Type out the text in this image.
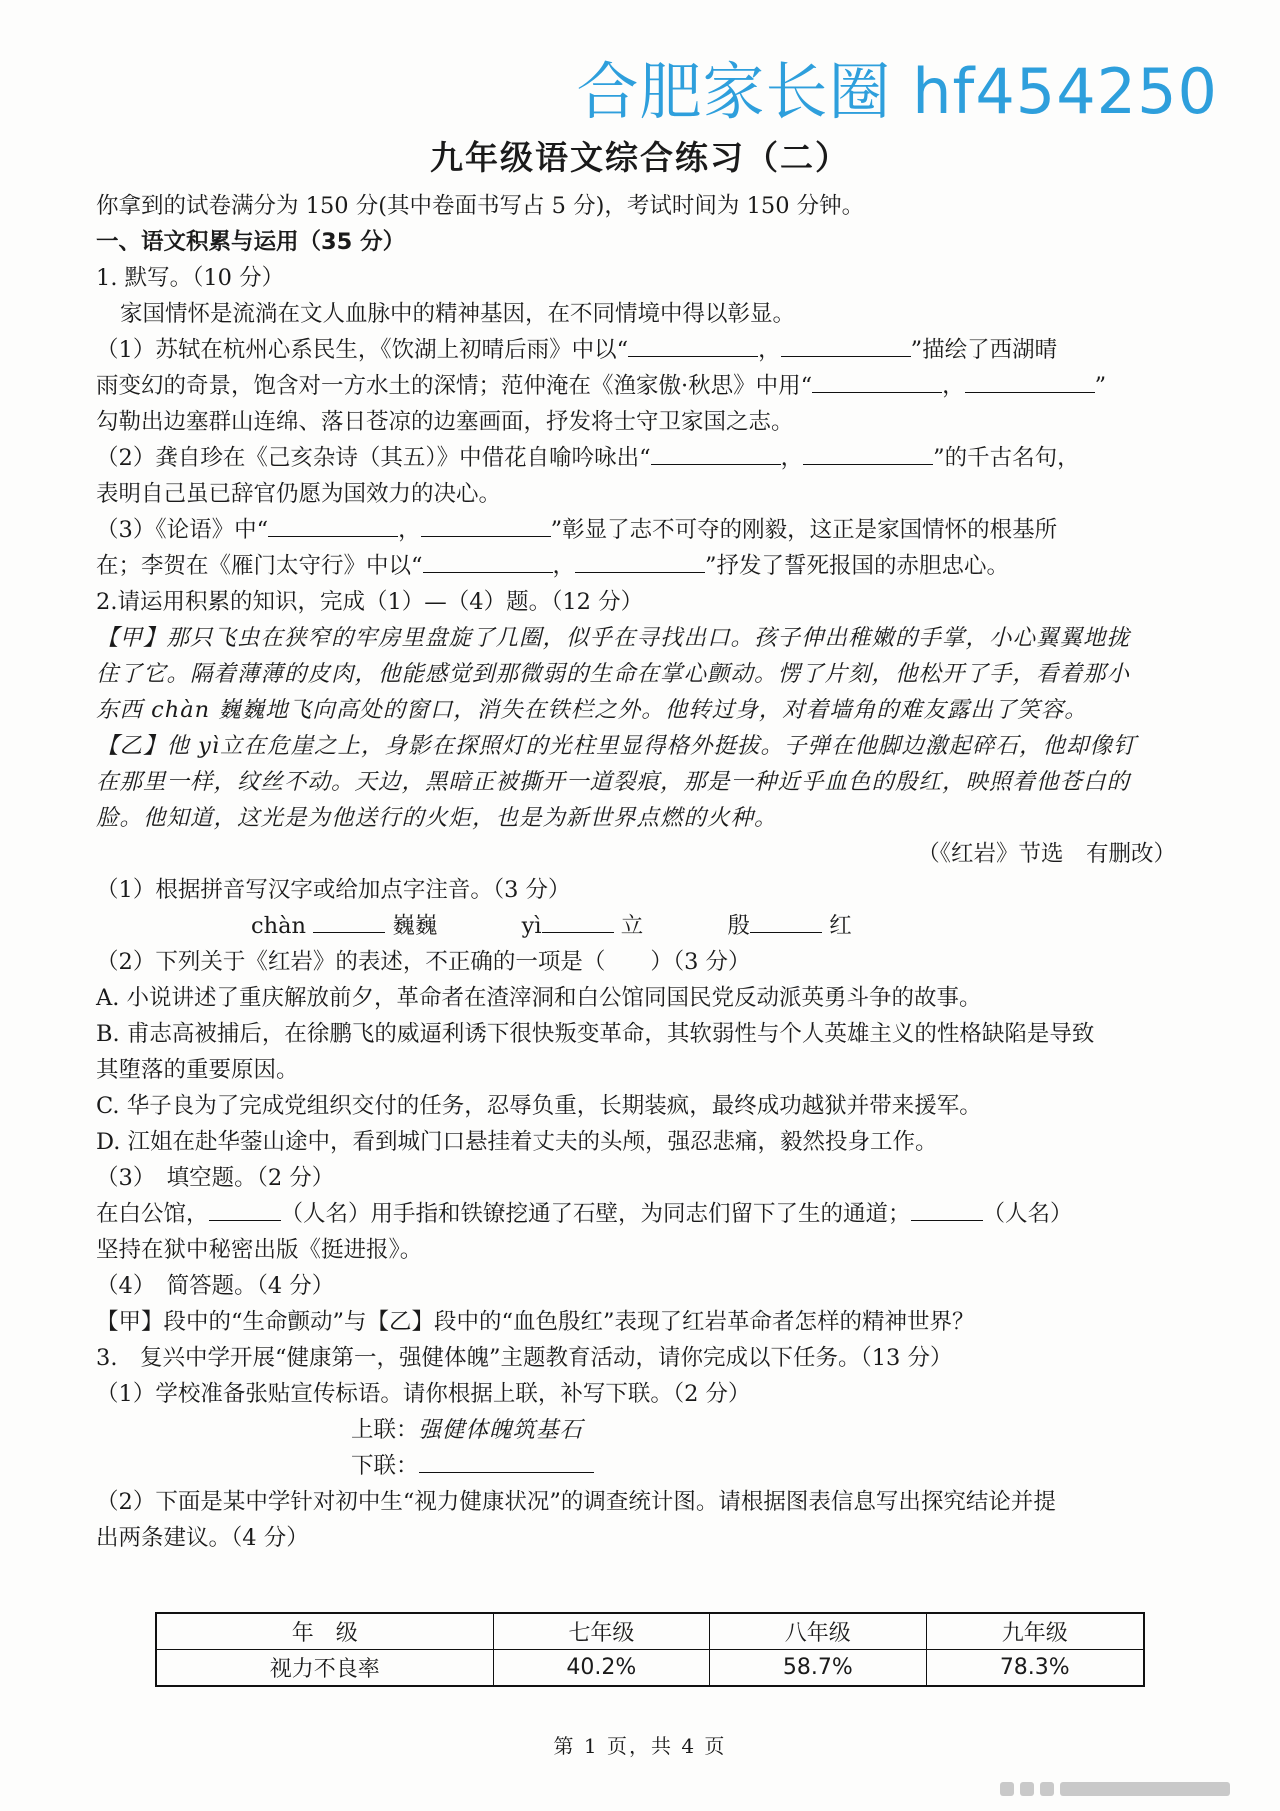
合肥家长圈 hf454250
九年级语文综合练习（二）
你拿到的试卷满分为 150 分(其中卷面书写占 5 分)，考试时间为 150 分钟。
一、语文积累与运用（35 分）
1. 默写。（10 分）
家国情怀是流淌在文人血脉中的精神基因，在不同情境中得以彰显。
（1）苏轼在杭州心系民生，《饮湖上初晴后雨》中以“	，	”描绘了西湖晴
雨变幻的奇景，饱含对一方水土的深情；范仲淹在《渔家傲·秋思》中用“	，	”
勾勒出边塞群山连绵、落日苍凉的边塞画面，抒发将士守卫家国之志。
（2）龚自珍在《己亥杂诗（其五）》中借花自喻吟咏出“	，	”的千古名句，
表明自己虽已辞官仍愿为国效力的决心。
（3）《论语》中“	，	”彰显了志不可夺的刚毅，这正是家国情怀的根基所
在；李贺在《雁门太守行》中以“	，	”抒发了誓死报国的赤胆忠心。
2.请运用积累的知识，完成（1）—（4）题。（12 分）
【甲】那只飞虫在狭窄的牢房里盘旋了几圈，似乎在寻找出口。孩子伸出稚嫩的手掌，小心翼翼地拢
住了它。隔着薄薄的皮肉，他能感觉到那微弱的生命在掌心颤动。愣了片刻，他松开了手，看着那小
东西 chàn 巍巍地飞向高处的窗口，消失在铁栏之外。他转过身，对着墙角的难友露出了笑容。
【乙】他 yì立在危崖之上，身影在探照灯的光柱里显得格外挺拔。子弹在他脚边激起碎石，他却像钉
在那里一样，纹丝不动。天边，黑暗正被撕开一道裂痕，那是一种近乎血色的殷红，映照着他苍白的
脸。他知道，这光是为他送行的火炬，也是为新世界点燃的火种。
（《红岩》节选　有删改）
（1）根据拼音写汉字或给加点字注音。（3 分）
chàn	巍巍	yì	立	殷	红
（2）下列关于《红岩》的表述，不正确的一项是（　　）（3 分）
A. 小说讲述了重庆解放前夕，革命者在渣滓洞和白公馆同国民党反动派英勇斗争的故事。
B. 甫志高被捕后，在徐鹏飞的威逼利诱下很快叛变革命，其软弱性与个人英雄主义的性格缺陷是导致
其堕落的重要原因。
C. 华子良为了完成党组织交付的任务，忍辱负重，长期装疯，最终成功越狱并带来援军。
D. 江姐在赴华蓥山途中，看到城门口悬挂着丈夫的头颅，强忍悲痛，毅然投身工作。
（3）　填空题。（2 分）
在白公馆，	（人名）用手指和铁镣挖通了石壁，为同志们留下了生的通道；	（人名）
坚持在狱中秘密出版《挺进报》。
（4）　简答题。（4 分）
【甲】段中的“生命颤动”与【乙】段中的“血色殷红”表现了红岩革命者怎样的精神世界？
3.　复兴中学开展“健康第一，强健体魄”主题教育活动，请你完成以下任务。（13 分）
（1）学校准备张贴宣传标语。请你根据上联，补写下联。（2 分）
上联：强健体魄筑基石
下联：
（2）下面是某中学针对初中生“视力健康状况”的调查统计图。请根据图表信息写出探究结论并提
出两条建议。（4 分）
年　级	七年级	八年级	九年级
视力不良率	40.2%	58.7%	78.3%
第 1 页，共 4 页
